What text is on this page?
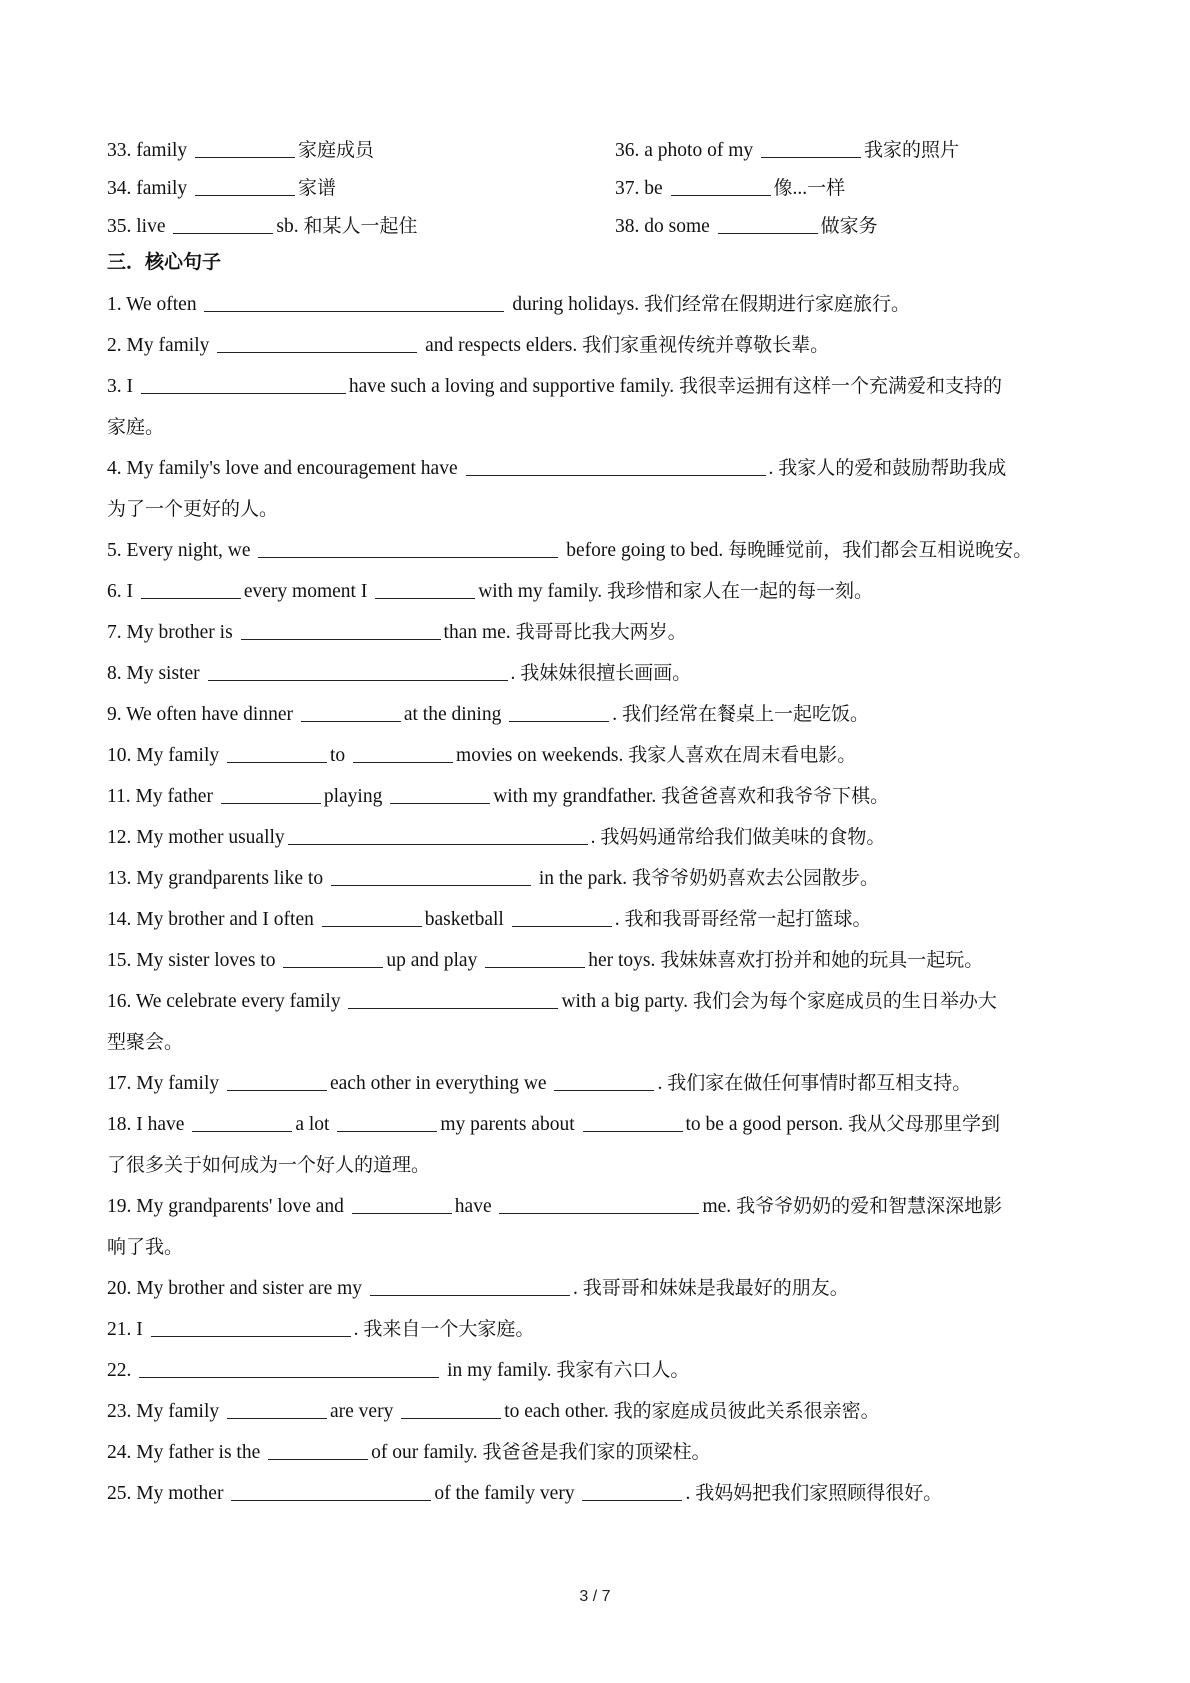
33. family	家庭成员
34. family	家谱
35. live	sb. 和某人一起住
36. a photo of my	我家的照片
37. be	像...一样
38. do some	做家务
三．核心句子
1. We often	during holidays. 我们经常在假期进行家庭旅行。
2. My family	and respects elders. 我们家重视传统并尊敬长辈。
3. I	have such a loving and supportive family. 我很幸运拥有这样一个充满爱和支持的
家庭。
4. My family's love and encouragement have	. 我家人的爱和鼓励帮助我成
为了一个更好的人。
5. Every night, we	before going to bed. 每晚睡觉前，我们都会互相说晚安。
6. I	every moment I	with my family. 我珍惜和家人在一起的每一刻。
7. My brother is	than me. 我哥哥比我大两岁。
8. My sister	. 我妹妹很擅长画画。
9. We often have dinner	at the dining	. 我们经常在餐桌上一起吃饭。
10. My family	to	movies on weekends. 我家人喜欢在周末看电影。
11. My father	playing	with my grandfather. 我爸爸喜欢和我爷爷下棋。
12. My mother usually	. 我妈妈通常给我们做美味的食物。
13. My grandparents like to	in the park. 我爷爷奶奶喜欢去公园散步。
14. My brother and I often	basketball	. 我和我哥哥经常一起打篮球。
15. My sister loves to	up and play	her toys. 我妹妹喜欢打扮并和她的玩具一起玩。
16. We celebrate every family	with a big party. 我们会为每个家庭成员的生日举办大
型聚会。
17. My family	each other in everything we	. 我们家在做任何事情时都互相支持。
18. I have	a lot	my parents about	to be a good person. 我从父母那里学到
了很多关于如何成为一个好人的道理。
19. My grandparents' love and	have	me. 我爷爷奶奶的爱和智慧深深地影
响了我。
20. My brother and sister are my	. 我哥哥和妹妹是我最好的朋友。
21. I	. 我来自一个大家庭。
22.	in my family. 我家有六口人。
23. My family	are very	to each other. 我的家庭成员彼此关系很亲密。
24. My father is the	of our family. 我爸爸是我们家的顶梁柱。
25. My mother	of the family very	. 我妈妈把我们家照顾得很好。
3 / 7
